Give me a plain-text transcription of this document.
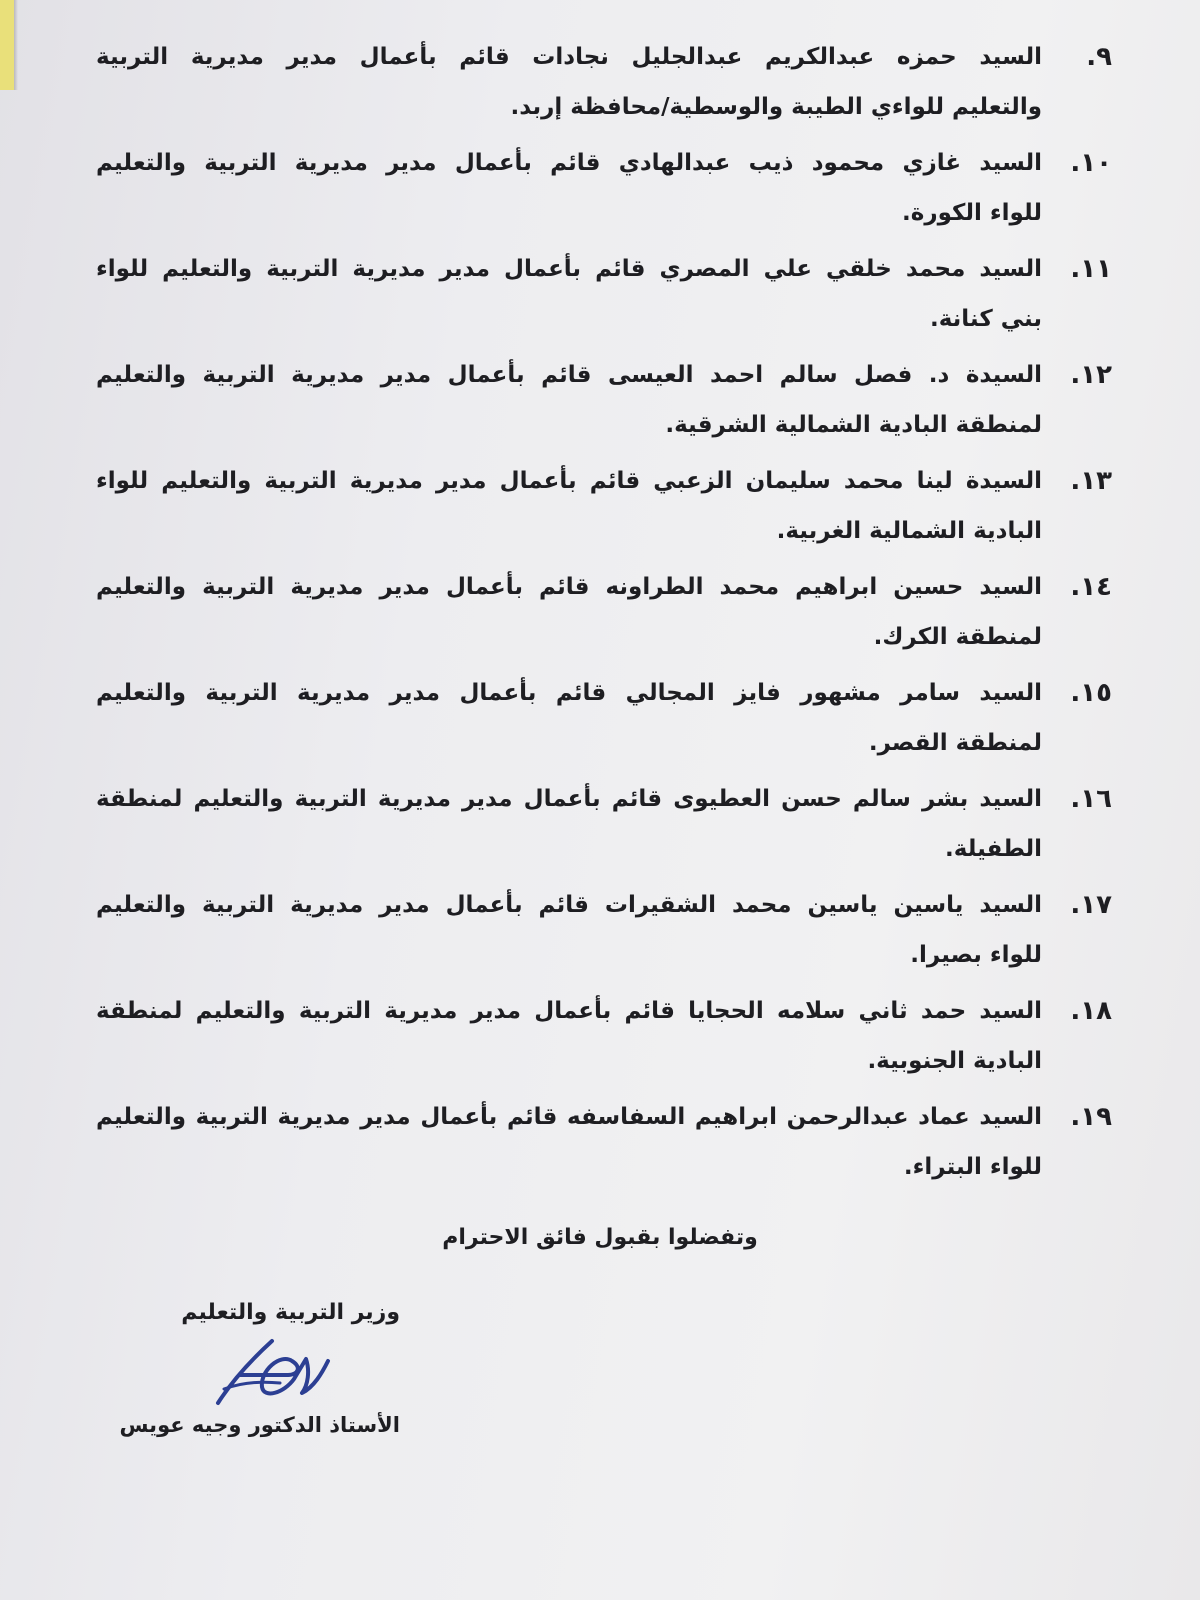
٩.
السيد حمزه عبدالكريم عبدالجليل نجادات قائم بأعمال مدير مديرية التربية
والتعليم للواءي الطيبة والوسطية/محافظة إربد.
١٠.
السيد غازي محمود ذيب عبدالهادي قائم بأعمال مدير مديرية التربية والتعليم
للواء الكورة.
١١.
السيد محمد خلقي علي المصري قائم بأعمال مدير مديرية التربية والتعليم للواء
بني كنانة.
١٢.
السيدة د. فصل سالم احمد العيسى قائم بأعمال مدير مديرية التربية والتعليم
لمنطقة البادية الشمالية الشرقية.
١٣.
السيدة لينا محمد سليمان الزعبي قائم بأعمال مدير مديرية التربية والتعليم للواء
البادية الشمالية الغربية.
١٤.
السيد حسين ابراهيم محمد الطراونه قائم بأعمال مدير مديرية التربية والتعليم
لمنطقة الكرك.
١٥.
السيد سامر مشهور فايز المجالي قائم بأعمال مدير مديرية التربية والتعليم
لمنطقة القصر.
١٦.
السيد بشر سالم حسن العطيوى قائم بأعمال مدير مديرية التربية والتعليم لمنطقة
الطفيلة.
١٧.
السيد ياسين ياسين محمد الشقيرات قائم بأعمال مدير مديرية التربية والتعليم
للواء بصيرا.
١٨.
السيد حمد ثاني سلامه الحجايا قائم بأعمال مدير مديرية التربية والتعليم لمنطقة
البادية الجنوبية.
١٩.
السيد عماد عبدالرحمن ابراهيم السفاسفه قائم بأعمال مدير مديرية التربية والتعليم
للواء البتراء.
وتفضلوا بقبول فائق الاحترام
وزير التربية والتعليم
الأستاذ الدكتور وجيه عويس
